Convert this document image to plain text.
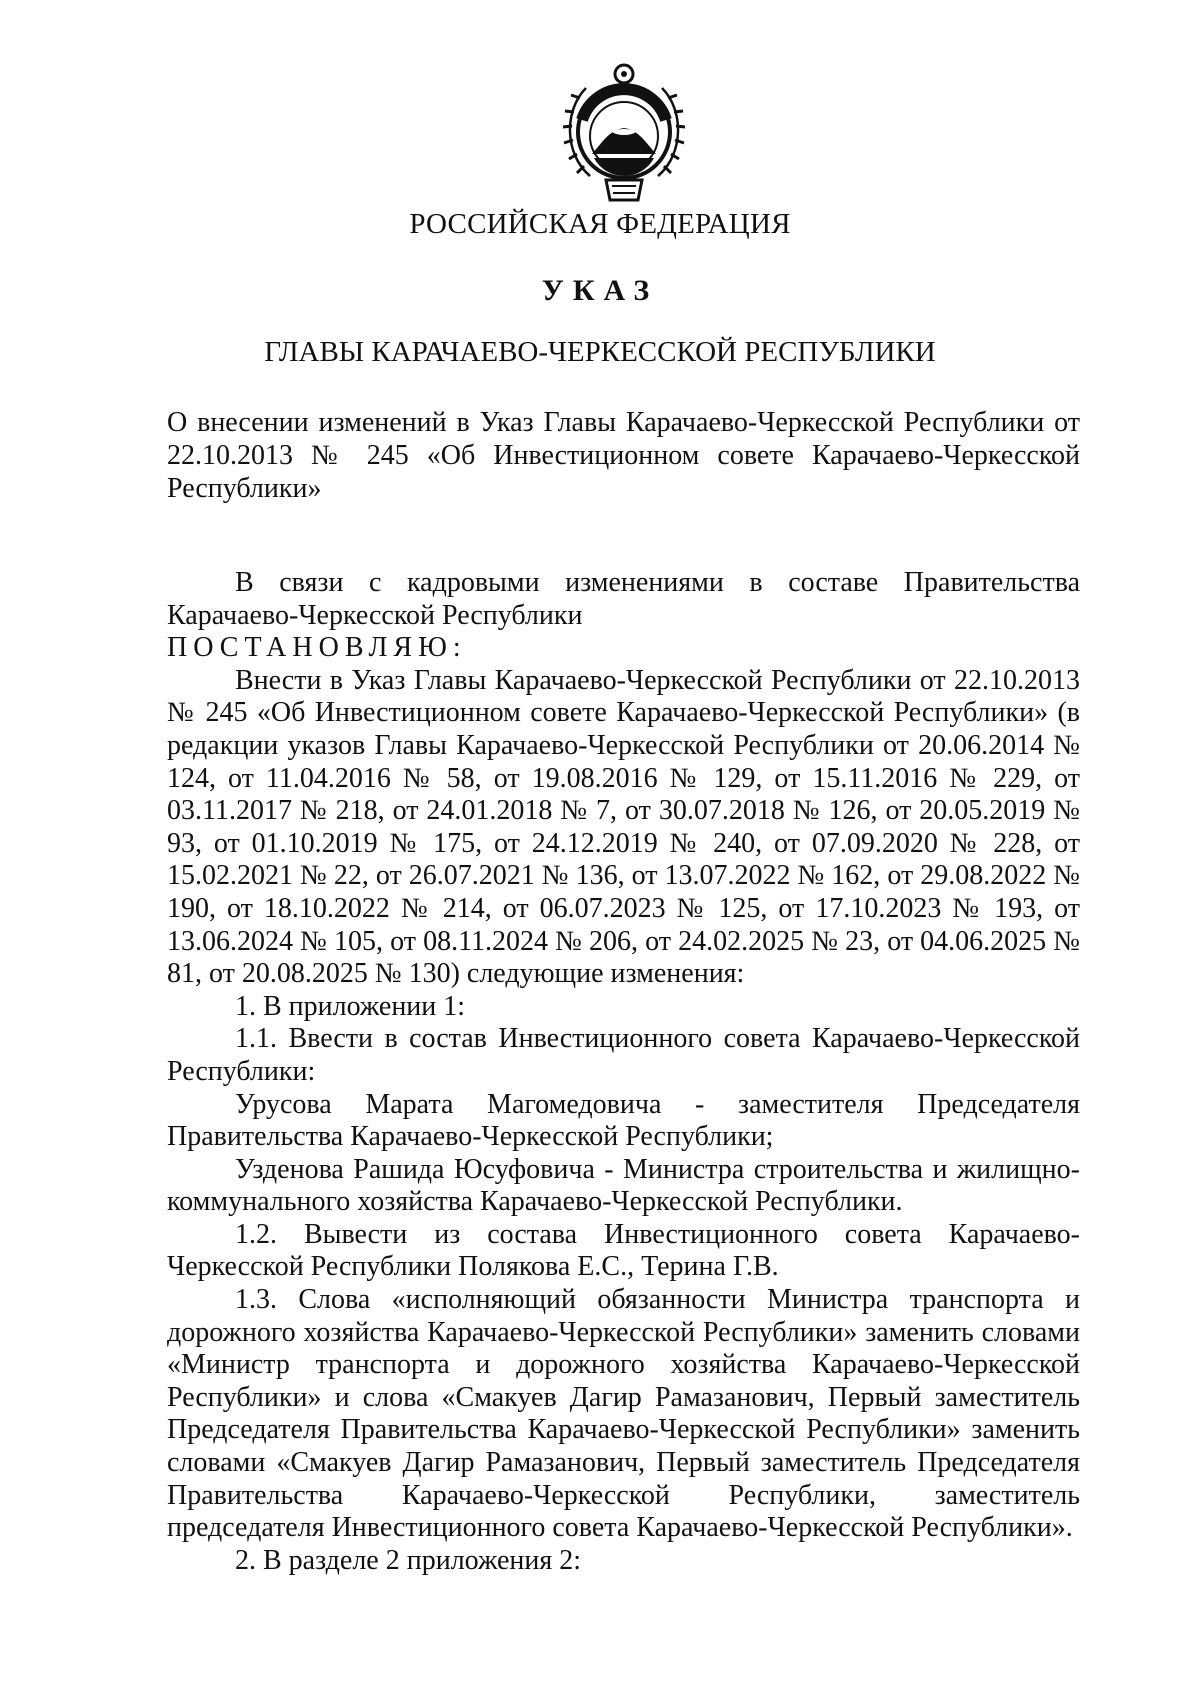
РОССИЙСКАЯ ФЕДЕРАЦИЯ
УКАЗ
ГЛАВЫ КАРАЧАЕВО-ЧЕРКЕССКОЙ РЕСПУБЛИКИ
О внесении изменений в Указ Главы Карачаево-Черкесской Республики от 22.10.2013 № 245 «Об Инвестиционном совете Карачаево-Черкесской Республики»

В связи с кадровыми изменениями в составе Правительства Карачаево-Черкесской Республики

ПОСТАНОВЛЯЮ:

Внести в Указ Главы Карачаево-Черкесской Республики от 22.10.2013 № 245 «Об Инвестиционном совете Карачаево-Черкесской Республики» (в редакции указов Главы Карачаево-Черкесской Республики от 20.06.2014 № 124, от 11.04.2016 № 58, от 19.08.2016 № 129, от 15.11.2016 № 229, от 03.11.2017 № 218, от 24.01.2018 № 7, от 30.07.2018 № 126, от 20.05.2019 № 93, от 01.10.2019 № 175, от 24.12.2019 № 240, от 07.09.2020 № 228, от 15.02.2021 № 22, от 26.07.2021 № 136, от 13.07.2022 № 162, от 29.08.2022 № 190, от 18.10.2022 № 214, от 06.07.2023 № 125, от 17.10.2023 № 193, от 13.06.2024 № 105, от 08.11.2024 № 206, от 24.02.2025 № 23, от 04.06.2025 № 81, от 20.08.2025 № 130) следующие изменения:

1. В приложении 1:

1.1. Ввести в состав Инвестиционного совета Карачаево-Черкесской Республики:

Урусова Марата Магомедовича - заместителя Председателя Правительства Карачаево-Черкесской Республики;

Узденова Рашида Юсуфовича - Министра строительства и жилищно-коммунального хозяйства Карачаево-Черкесской Республики.

1.2. Вывести из состава Инвестиционного совета Карачаево-Черкесской Республики Полякова Е.С., Терина Г.В.

1.3. Слова «исполняющий обязанности Министра транспорта и дорожного хозяйства Карачаево-Черкесской Республики» заменить словами «Министр транспорта и дорожного хозяйства Карачаево-Черкесской Республики» и слова «Смакуев Дагир Рамазанович, Первый заместитель Председателя Правительства Карачаево-Черкесской Республики» заменить словами «Смакуев Дагир Рамазанович, Первый заместитель Председателя Правительства Карачаево-Черкесской Республики, заместитель председателя Инвестиционного совета Карачаево-Черкесской Республики».

2. В разделе 2 приложения 2:
